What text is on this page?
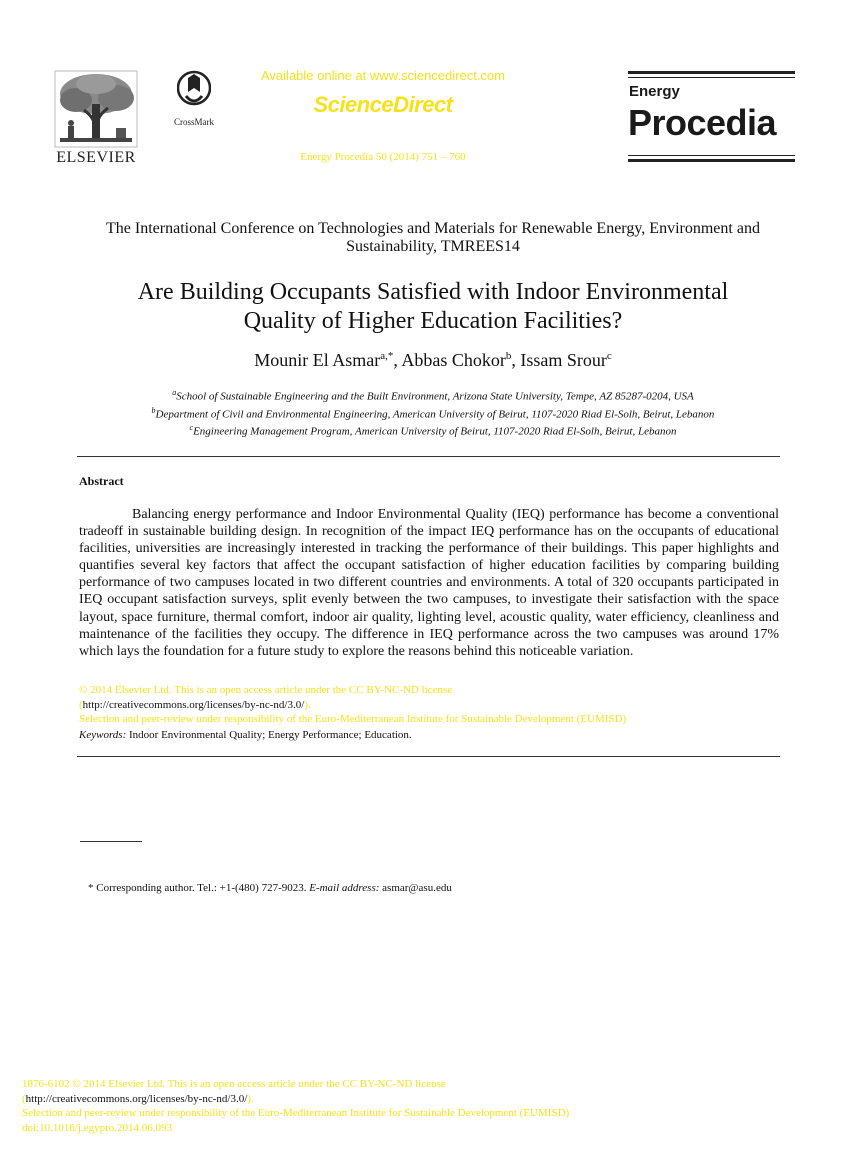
ELSEVIER
CrossMark
Available online at www.sciencedirect.com
ScienceDirect
Energy Procedia 50 (2014) 751 – 760
Energy
Procedia
The International Conference on Technologies and Materials for Renewable Energy, Environment and Sustainability, TMREES14
Are Building Occupants Satisfied with Indoor Environmental
Quality of Higher Education Facilities?
Mounir El Asmar$^{a,*}$, Abbas Chokor$^b$, Issam Srour$^c$
$^a$School of Sustainable Engineering and the Built Environment, Arizona State University, Tempe, AZ 85287-0204, USA
$^b$Department of Civil and Environmental Engineering, American University of Beirut, 1107-2020 Riad El-Solh, Beirut, Lebanon
$^c$Engineering Management Program, American University of Beirut, 1107-2020 Riad El-Solh, Beirut, Lebanon
Abstract
Balancing energy performance and Indoor Environmental Quality (IEQ) performance has become a conventional tradeoff in sustainable building design. In recognition of the impact IEQ performance has on the occupants of educational facilities, universities are increasingly interested in tracking the performance of their buildings. This paper highlights and quantifies several key factors that affect the occupant satisfaction of higher education facilities by comparing building performance of two campuses located in two different countries and environments. A total of 320 occupants participated in IEQ occupant satisfaction surveys, split evenly between the two campuses, to investigate their satisfaction with the space layout, space furniture, thermal comfort, indoor air quality, lighting level, acoustic quality, water efficiency, cleanliness and maintenance of the facilities they occupy. The difference in IEQ performance across the two campuses was around 17% which lays the foundation for a future study to explore the reasons behind this noticeable variation.
© 2014 Elsevier Ltd. This is an open access article under the CC BY-NC-ND license
(http://creativecommons.org/licenses/by-nc-nd/3.0/).
Selection and peer-review under responsibility of the Euro-Mediterranean Institute for Sustainable Development (EUMISD)
Keywords: Indoor Environmental Quality; Energy Performance; Education.
* Corresponding author. Tel.: +1-(480) 727-9023. E-mail address: asmar@asu.edu
1876-6102 © 2014 Elsevier Ltd. This is an open access article under the CC BY-NC-ND license
(http://creativecommons.org/licenses/by-nc-nd/3.0/).
Selection and peer-review under responsibility of the Euro-Mediterranean Institute for Sustainable Development (EUMISD)
doi:10.1016/j.egypro.2014.06.093
